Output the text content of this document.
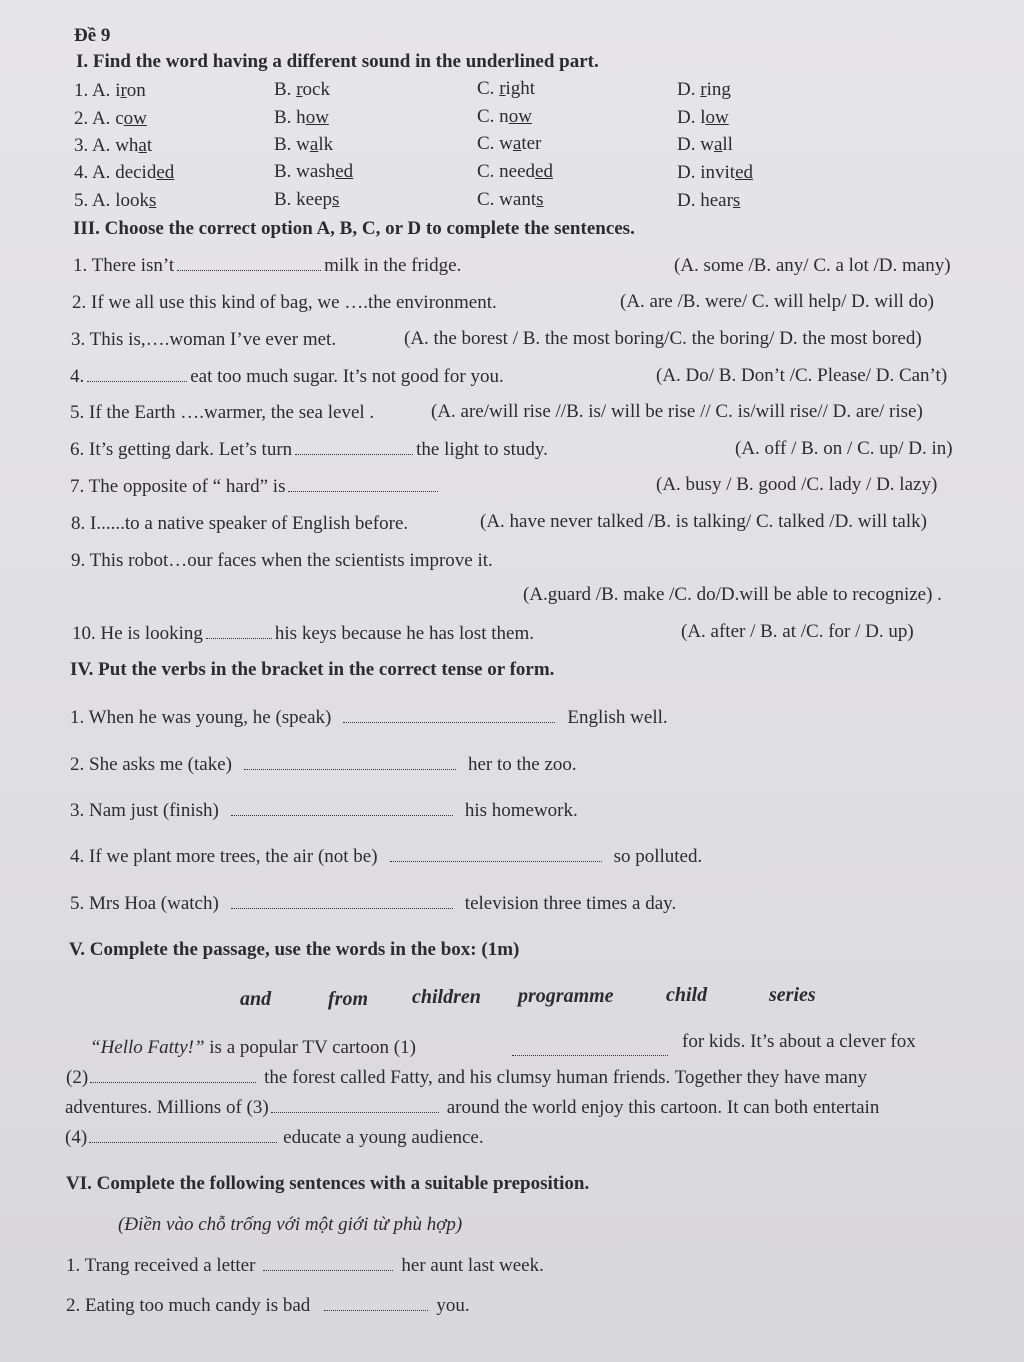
Đề 9
I. Find the word having a different sound in the underlined part.
1. A. iron	B. rock	C. right	D. ring
2. A. cow	B. how	C. now	D. low
3. A. what	B. walk	C. water	D. wall
4. A. decided	B. washed	C. needed	D. invited
5. A. looks	B. keeps	C. wants	D. hears
III. Choose the correct option A, B, C, or D to complete the sentences.
1. There isn’t	milk in the fridge.	(A. some /B. any/ C. a lot /D. many)
2. If we all use this kind of bag, we ….the environment.	(A. are /B. were/ C. will help/ D. will do)
3. This is,….woman I’ve ever met.	(A. the borest / B. the most boring/C. the boring/ D. the most bored)
4.	eat too much sugar. It’s not good for you.	(A. Do/ B. Don’t /C. Please/ D. Can’t)
5. If the Earth ….warmer, the sea level .	(A. are/will rise //B. is/ will be rise // C. is/will rise// D. are/ rise)
6. It’s getting dark. Let’s turn	the light to study.	(A. off / B. on / C. up/ D. in)
7. The opposite of “ hard” is	(A. busy / B. good /C. lady / D. lazy)
8. I......to a native speaker of English before.	(A. have never talked /B. is talking/ C. talked /D. will talk)
9. This robot…our faces when the scientists improve it.
(A.guard /B. make /C. do/D.will be able to recognize) .
10. He is looking	his keys because he has lost them.	(A. after / B. at /C. for / D. up)
IV. Put the verbs in the bracket in the correct tense or form.
1. When he was young, he (speak)	English well.
2. She asks me (take)	her to the zoo.
3. Nam just (finish)	his homework.
4. If we plant more trees, the air (not be)	so polluted.
5. Mrs Hoa (watch)	television three times a day.
V. Complete the passage, use the words in the box: (1m)
and	from children programme	child	series
“Hello Fatty!” is a popular TV cartoon (1)	for kids. It’s about a clever fox
(2)	the forest called Fatty, and his clumsy human friends. Together they have many
adventures. Millions of (3)	around the world enjoy this cartoon. It can both entertain
(4)	educate a young audience.
VI. Complete the following sentences with a suitable preposition.
(Điền vào chỗ trống với một giới từ phù hợp)
1. Trang received a letter	her aunt last week.
2. Eating too much candy is bad	you.
